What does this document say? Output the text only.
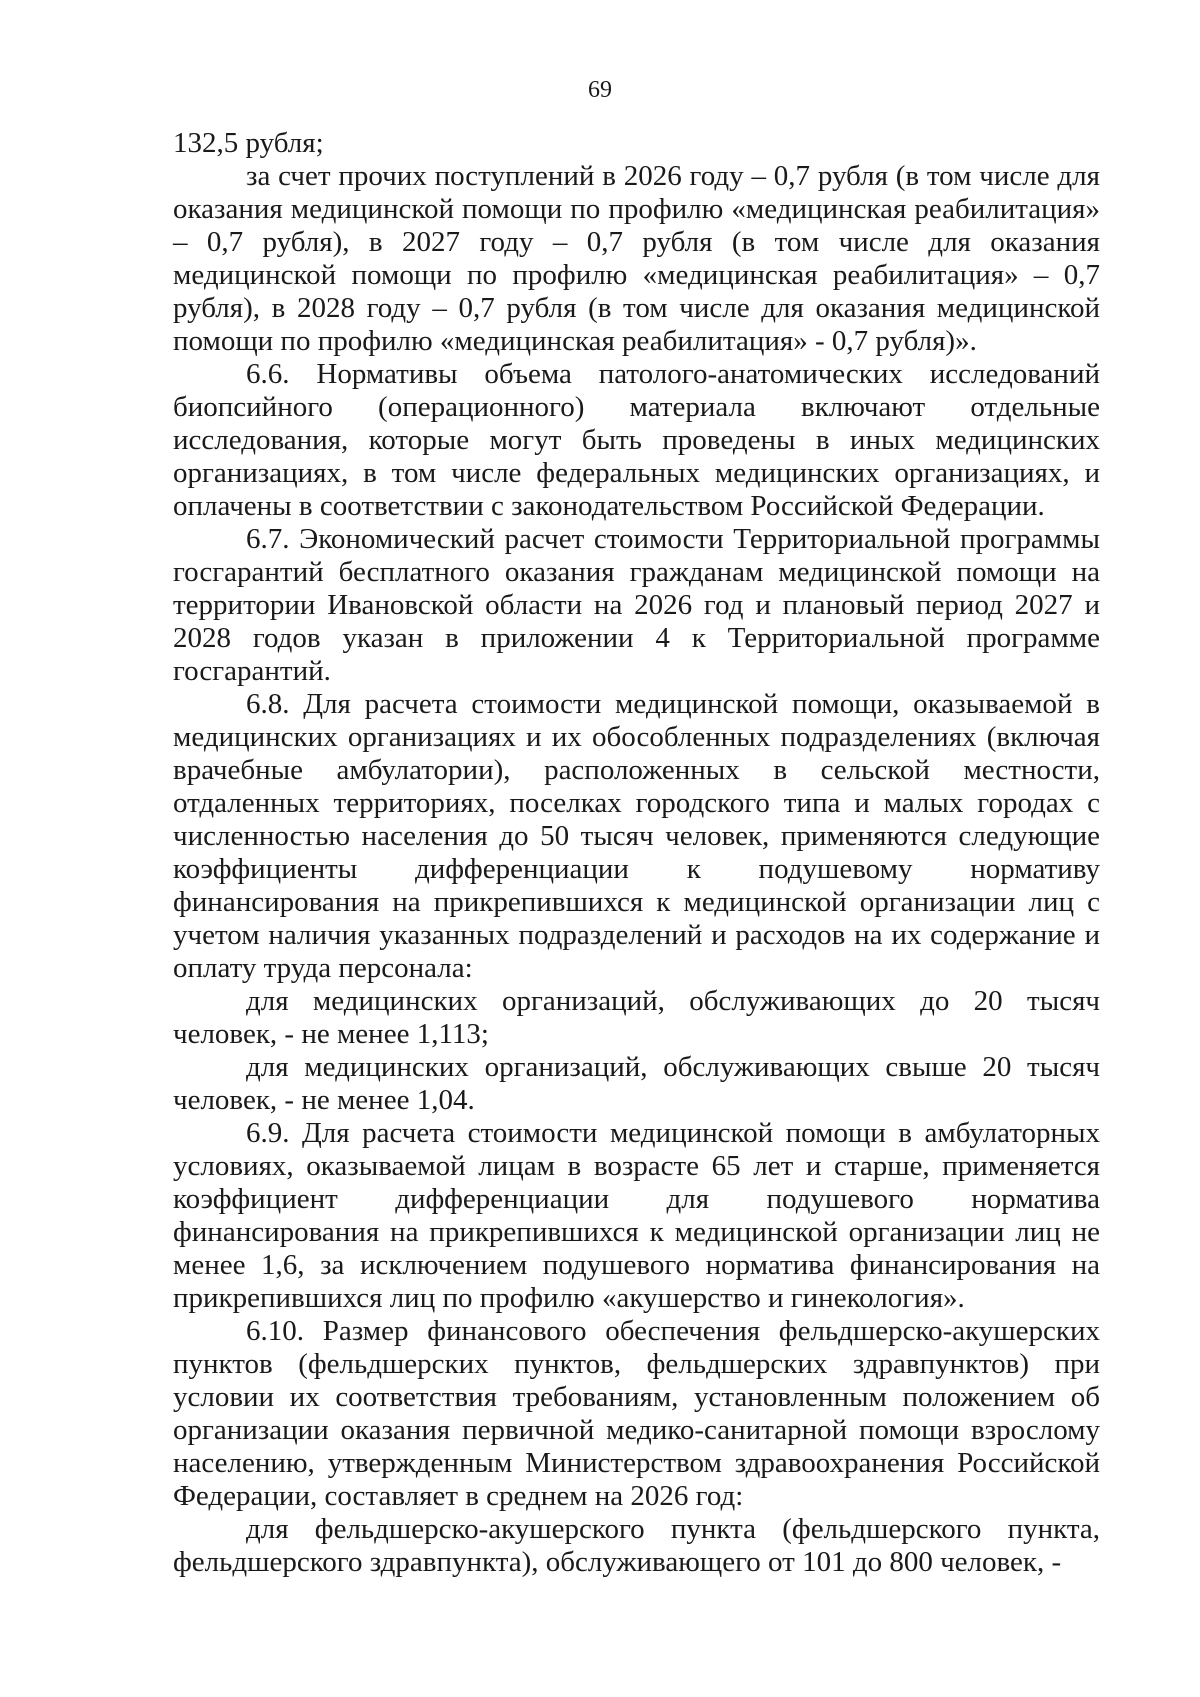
69

132,5 рубля;

за счет прочих поступлений в 2026 году – 0,7 рубля (в том числе для оказания медицинской помощи по профилю «медицинская реабилитация» – 0,7 рубля), в 2027 году – 0,7 рубля (в том числе для оказания медицинской помощи по профилю «медицинская реабилитация» – 0,7 рубля), в 2028 году – 0,7 рубля (в том числе для оказания медицинской помощи по профилю «медицинская реабилитация» - 0,7 рубля)».

6.6. Нормативы объема патолого-анатомических исследований биопсийного (операционного) материала включают отдельные исследования, которые могут быть проведены в иных медицинских организациях, в том числе федеральных медицинских организациях, и оплачены в соответствии с законодательством Российской Федерации.

6.7. Экономический расчет стоимости Территориальной программы госгарантий бесплатного оказания гражданам медицинской помощи на территории Ивановской области на 2026 год и плановый период 2027 и 2028 годов указан в приложении 4 к Территориальной программе госгарантий.

6.8. Для расчета стоимости медицинской помощи, оказываемой в медицинских организациях и их обособленных подразделениях (включая врачебные амбулатории), расположенных в сельской местности, отдаленных территориях, поселках городского типа и малых городах с численностью населения до 50 тысяч человек, применяются следующие коэффициенты дифференциации к подушевому нормативу финансирования на прикрепившихся к медицинской организации лиц с учетом наличия указанных подразделений и расходов на их содержание и оплату труда персонала:

для медицинских организаций, обслуживающих до 20 тысяч человек, - не менее 1,113;

для медицинских организаций, обслуживающих свыше 20 тысяч человек, - не менее 1,04.

6.9. Для расчета стоимости медицинской помощи в амбулаторных условиях, оказываемой лицам в возрасте 65 лет и старше, применяется коэффициент дифференциации для подушевого норматива финансирования на прикрепившихся к медицинской организации лиц не менее 1,6, за исключением подушевого норматива финансирования на прикрепившихся лиц по профилю «акушерство и гинекология».

6.10. Размер финансового обеспечения фельдшерско-акушерских пунктов (фельдшерских пунктов, фельдшерских здравпунктов) при условии их соответствия требованиям, установленным положением об организации оказания первичной медико-санитарной помощи взрослому населению, утвержденным Министерством здравоохранения Российской Федерации, составляет в среднем на 2026 год:

для фельдшерско-акушерского пункта (фельдшерского пункта, фельдшерского здравпункта), обслуживающего от 101 до 800 человек, -
